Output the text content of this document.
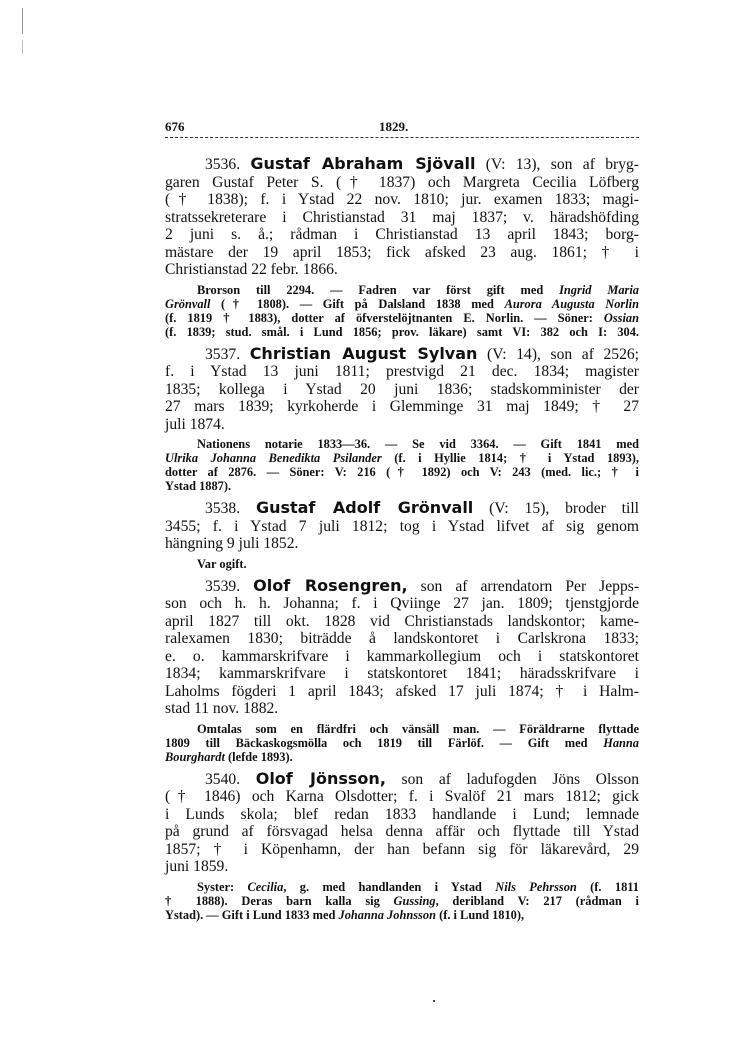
676	1829.
3536. Gustaf Abraham Sjövall (V: 13), son af bryg-
garen Gustaf Peter S. († 1837) och Margreta Cecilia Löfberg
(† 1838); f. i Ystad 22 nov. 1810; jur. examen 1833; magi-
stratssekreterare i Christianstad 31 maj 1837; v. häradshöfding
2 juni s. å.; rådman i Christianstad 13 april 1843; borg-
mästare der 19 april 1853; fick afsked 23 aug. 1861; † i
Christianstad 22 febr. 1866.
Brorson till 2294. — Fadren var först gift med Ingrid Maria
Grönvall († 1808). — Gift på Dalsland 1838 med Aurora Augusta Norlin
(f. 1819 † 1883), dotter af öfverstelöjtnanten E. Norlin. — Söner: Ossian
(f. 1839; stud. smål. i Lund 1856; prov. läkare) samt VI: 382 och I: 304.
3537. Christian August Sylvan (V: 14), son af 2526;
f. i Ystad 13 juni 1811; prestvigd 21 dec. 1834; magister
1835; kollega i Ystad 20 juni 1836; stadskomminister der
27 mars 1839; kyrkoherde i Glemminge 31 maj 1849; † 27
juli 1874.
Nationens notarie 1833—36. — Se vid 3364. — Gift 1841 med
Ulrika Johanna Benedikta Psilander (f. i Hyllie 1814; † i Ystad 1893),
dotter af 2876. — Söner: V: 216 († 1892) och V: 243 (med. lic.; † i
Ystad 1887).
3538. Gustaf Adolf Grönvall (V: 15), broder till
3455; f. i Ystad 7 juli 1812; tog i Ystad lifvet af sig genom
hängning 9 juli 1852.
Var ogift.
3539. Olof Rosengren, son af arrendatorn Per Jepps-
son och h. h. Johanna; f. i Qviinge 27 jan. 1809; tjenstgjorde
april 1827 till okt. 1828 vid Christianstads landskontor; kame-
ralexamen 1830; biträdde å landskontoret i Carlskrona 1833;
e. o. kammarskrifvare i kammarkollegium och i statskontoret
1834; kammarskrifvare i statskontoret 1841; häradsskrifvare i
Laholms fögderi 1 april 1843; afsked 17 juli 1874; † i Halm-
stad 11 nov. 1882.
Omtalas som en flärdfri och vänsäll man. — Föräldrarne flyttade
1809 till Bäckaskogsmölla och 1819 till Färlöf. — Gift med Hanna
Bourghardt (lefde 1893).
3540. Olof Jönsson, son af ladufogden Jöns Olsson
(† 1846) och Karna Olsdotter; f. i Svalöf 21 mars 1812; gick
i Lunds skola; blef redan 1833 handlande i Lund; lemnade
på grund af försvagad helsa denna affär och flyttade till Ystad
1857; † i Köpenhamn, der han befann sig för läkarevård, 29
juni 1859.
Syster: Cecilia, g. med handlanden i Ystad Nils Pehrsson (f. 1811
† 1888). Deras barn kalla sig Gussing, deribland V: 217 (rådman i
Ystad). — Gift i Lund 1833 med Johanna Johnsson (f. i Lund 1810),
